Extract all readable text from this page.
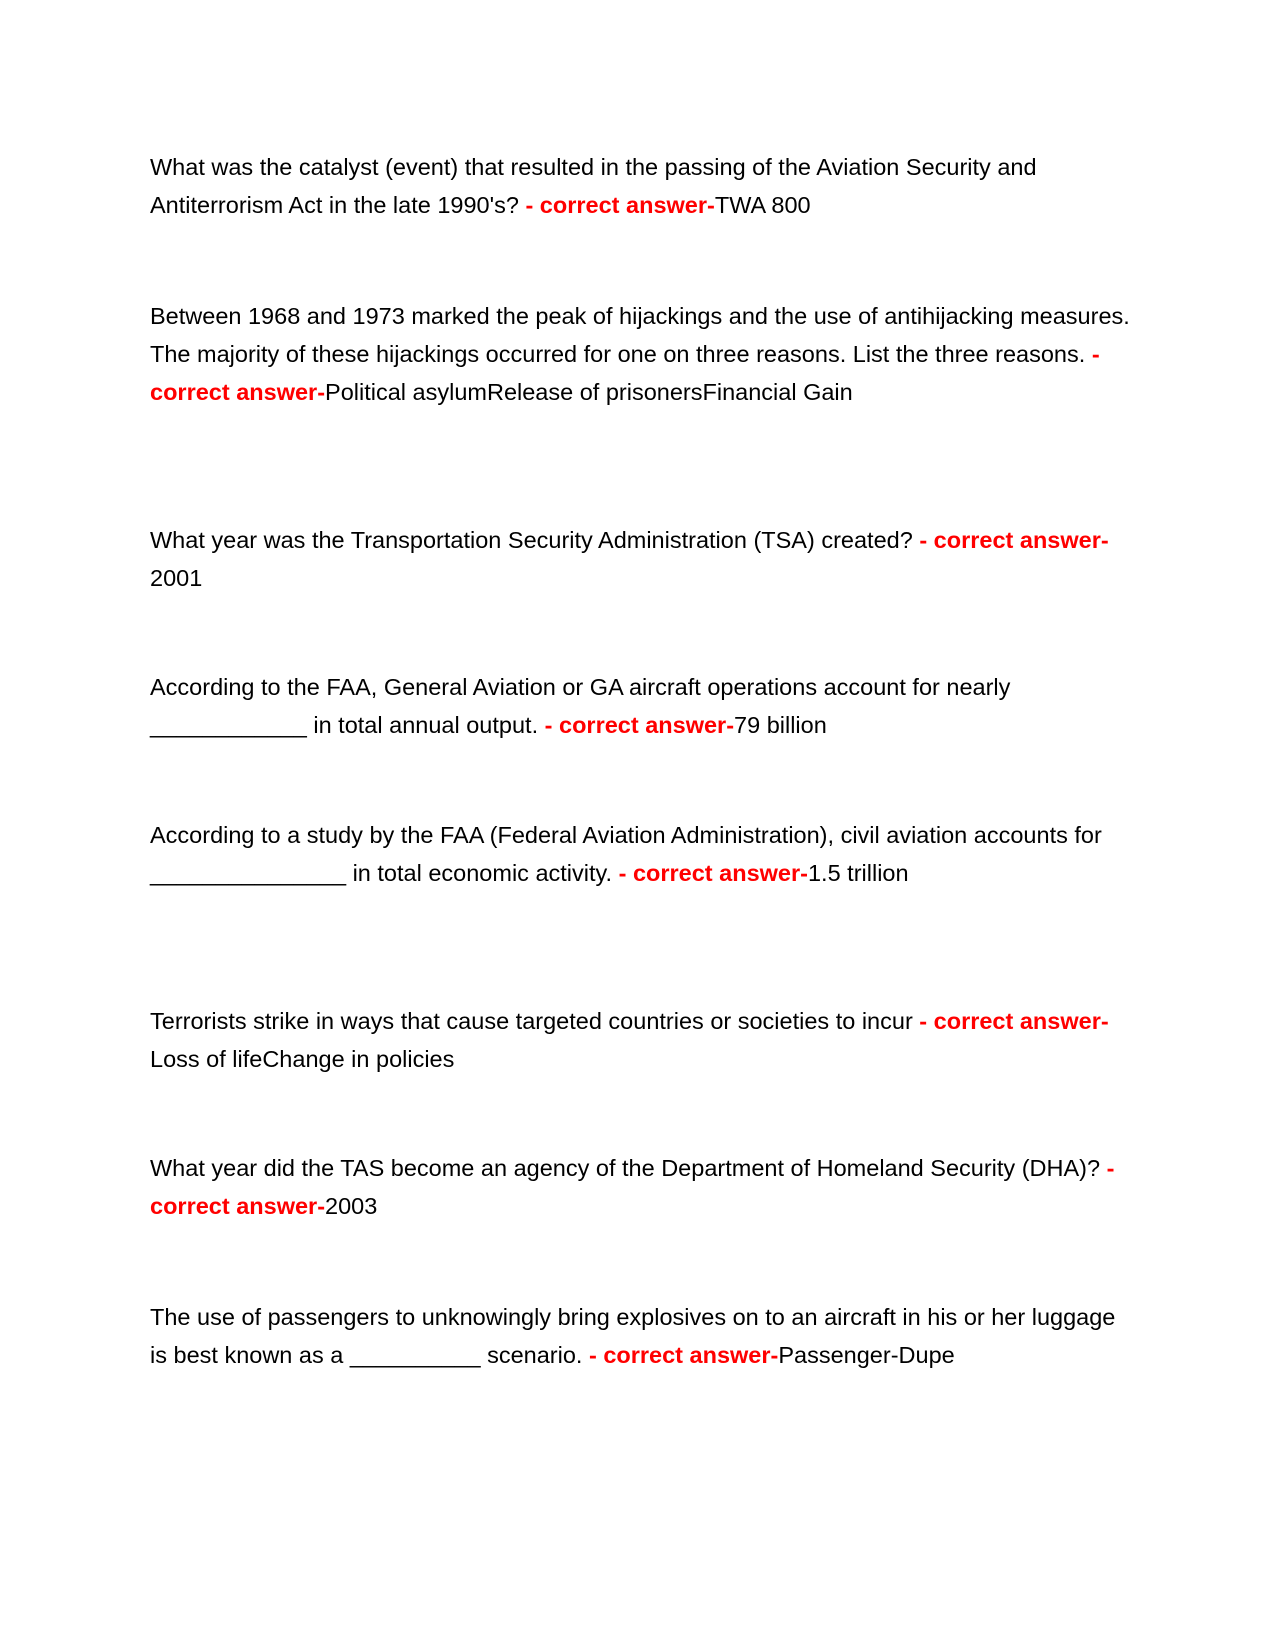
What was the catalyst (event) that resulted in the passing of the Aviation Security and Antiterrorism Act in the late 1990's? - correct answer-TWA 800

Between 1968 and 1973 marked the peak of hijackings and the use of antihijacking measures. The majority of these hijackings occurred for one on three reasons. List the three reasons. - correct answer-Political asylumRelease of prisonersFinancial Gain

What year was the Transportation Security Administration (TSA) created? - correct answer-2001

According to the FAA, General Aviation or GA aircraft operations account for nearly ____________ in total annual output. - correct answer-79 billion

According to a study by the FAA (Federal Aviation Administration), civil aviation accounts for _______________ in total economic activity. - correct answer-1.5 trillion

Terrorists strike in ways that cause targeted countries or societies to incur - correct answer-Loss of lifeChange in policies

What year did the TAS become an agency of the Department of Homeland Security (DHA)? - correct answer-2003

The use of passengers to unknowingly bring explosives on to an aircraft in his or her luggage is best known as a __________ scenario. - correct answer-Passenger-Dupe
